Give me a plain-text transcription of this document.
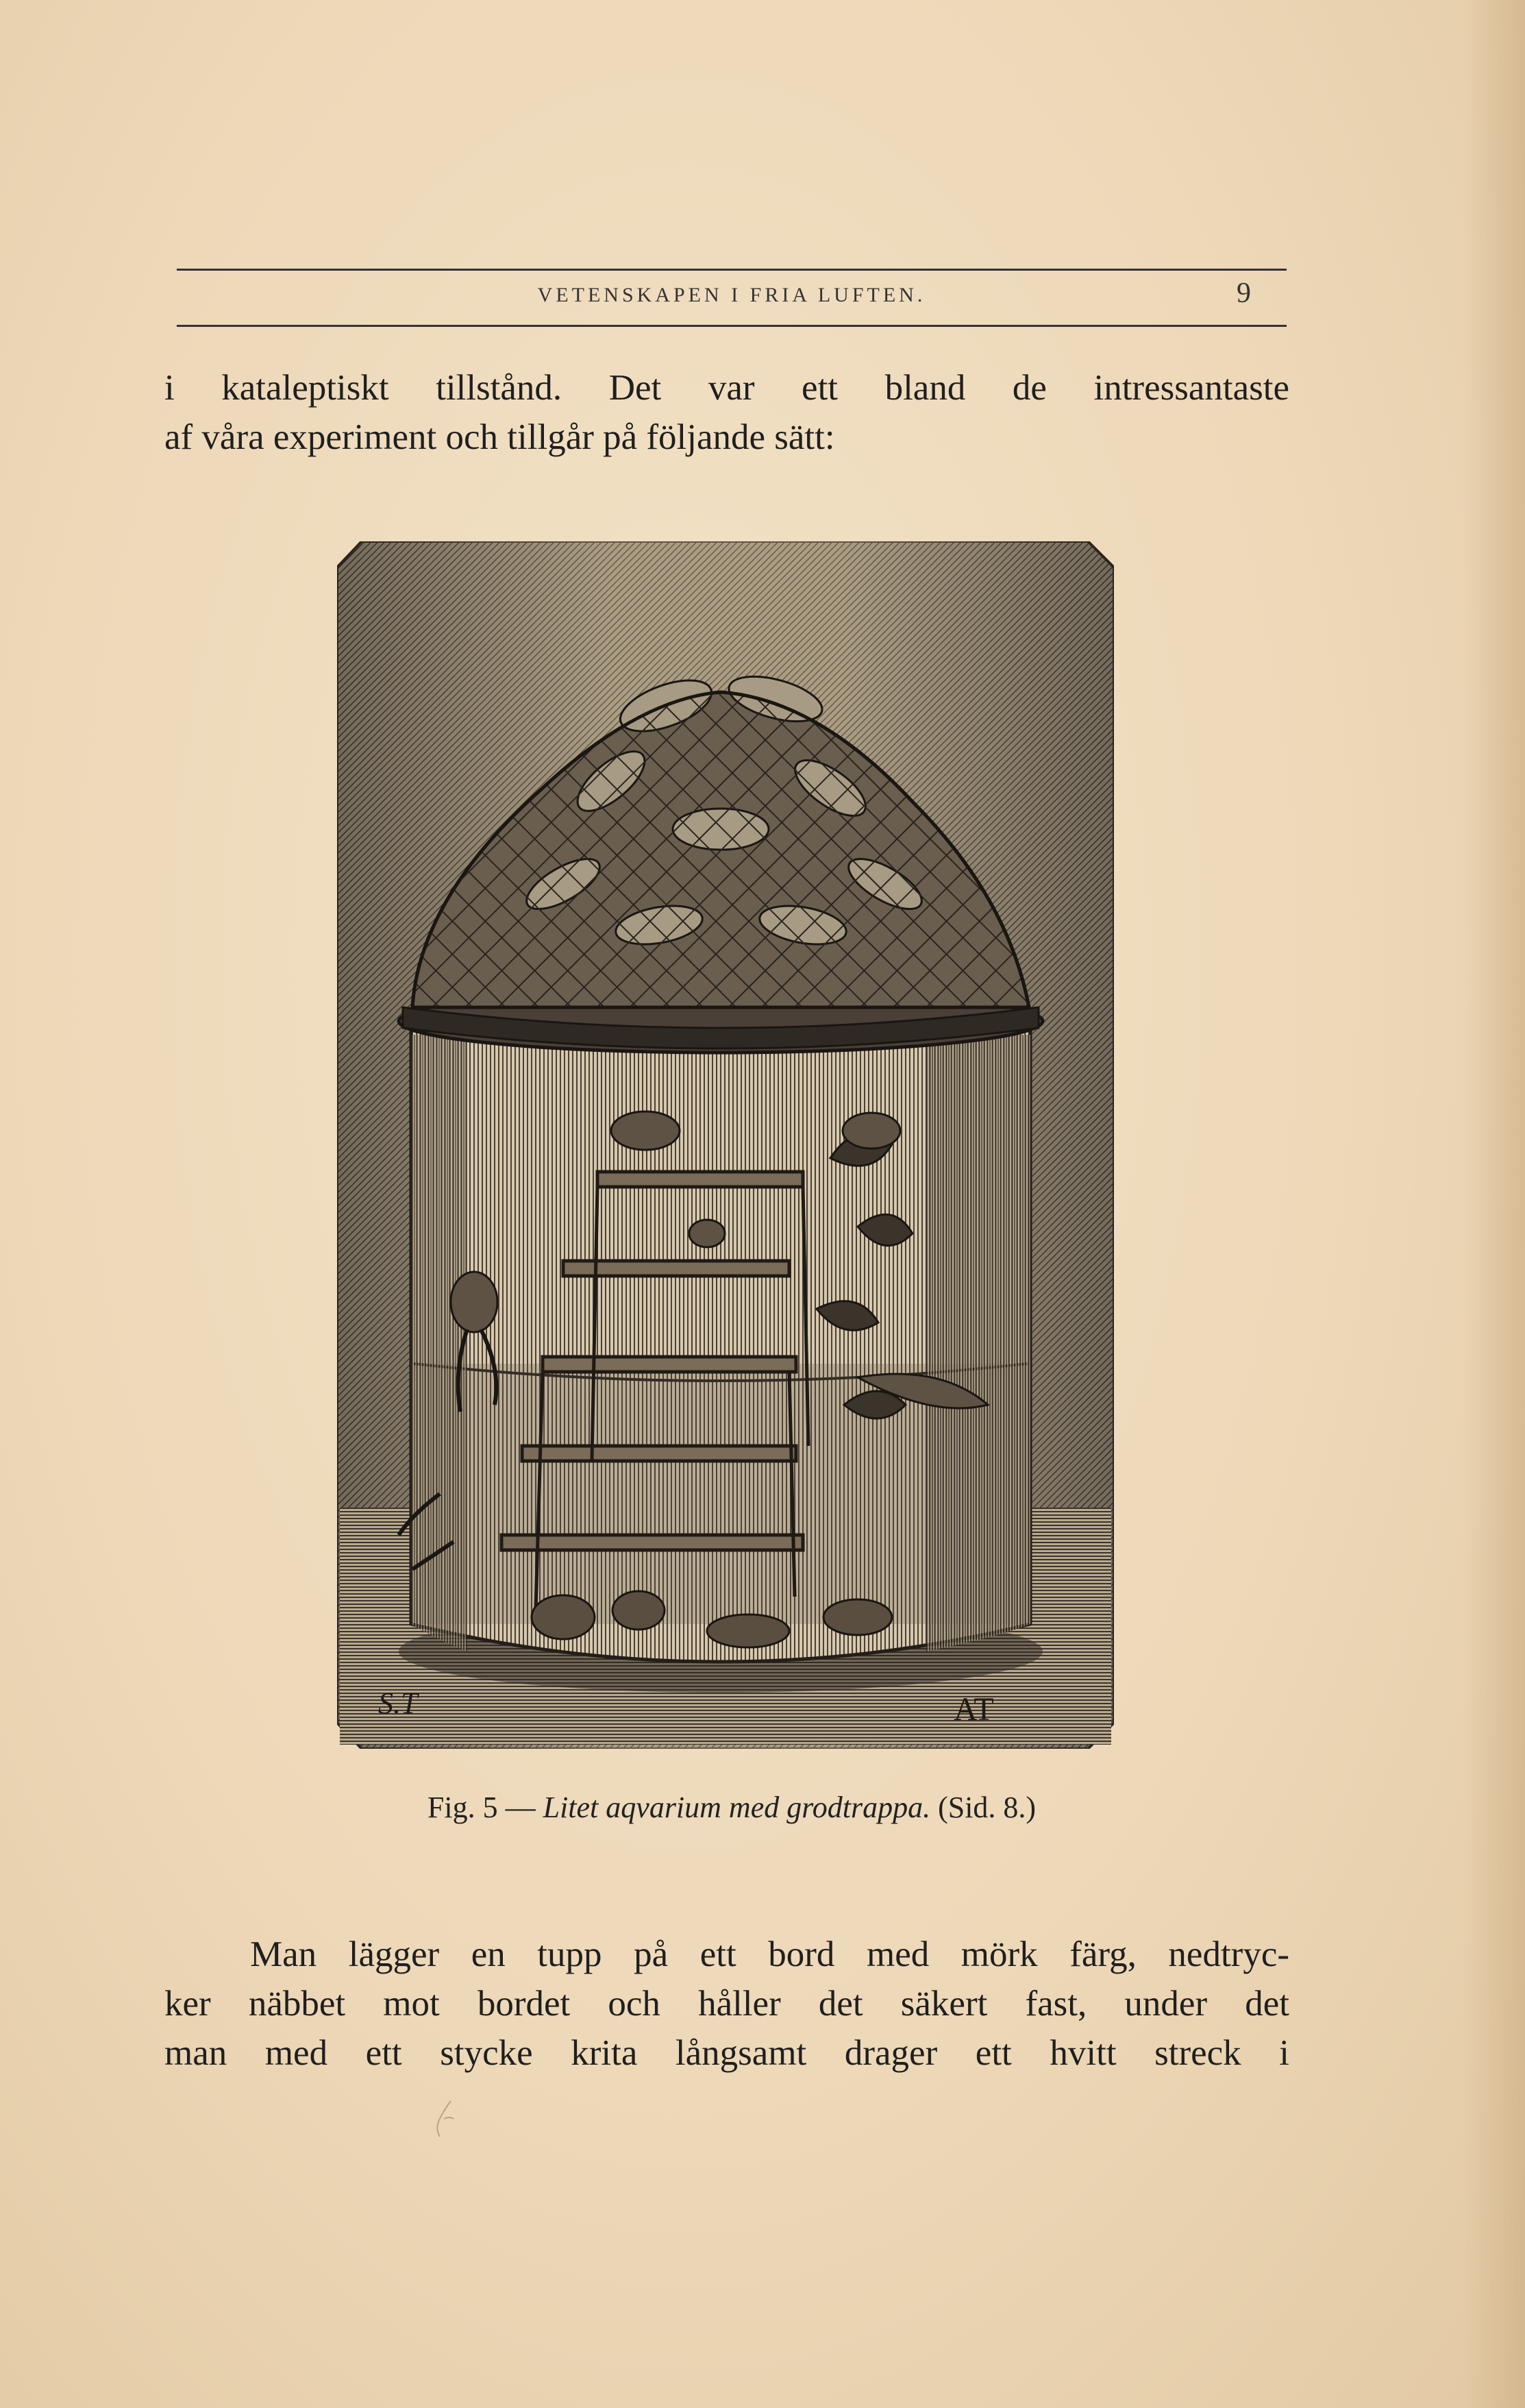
VETENSKAPEN I FRIA LUFTEN.	9
i kataleptiskt tillstånd. Det var ett bland de intressantaste
af våra experiment och tillgår på följande sätt:
S.T	AT
Fig. 5 — Litet aqvarium med grodtrappa. (Sid. 8.)
Man lägger en tupp på ett bord med mörk färg, nedtryc-
ker näbbet mot bordet och håller det säkert fast, under det
man med ett stycke krita långsamt drager ett hvitt streck i
